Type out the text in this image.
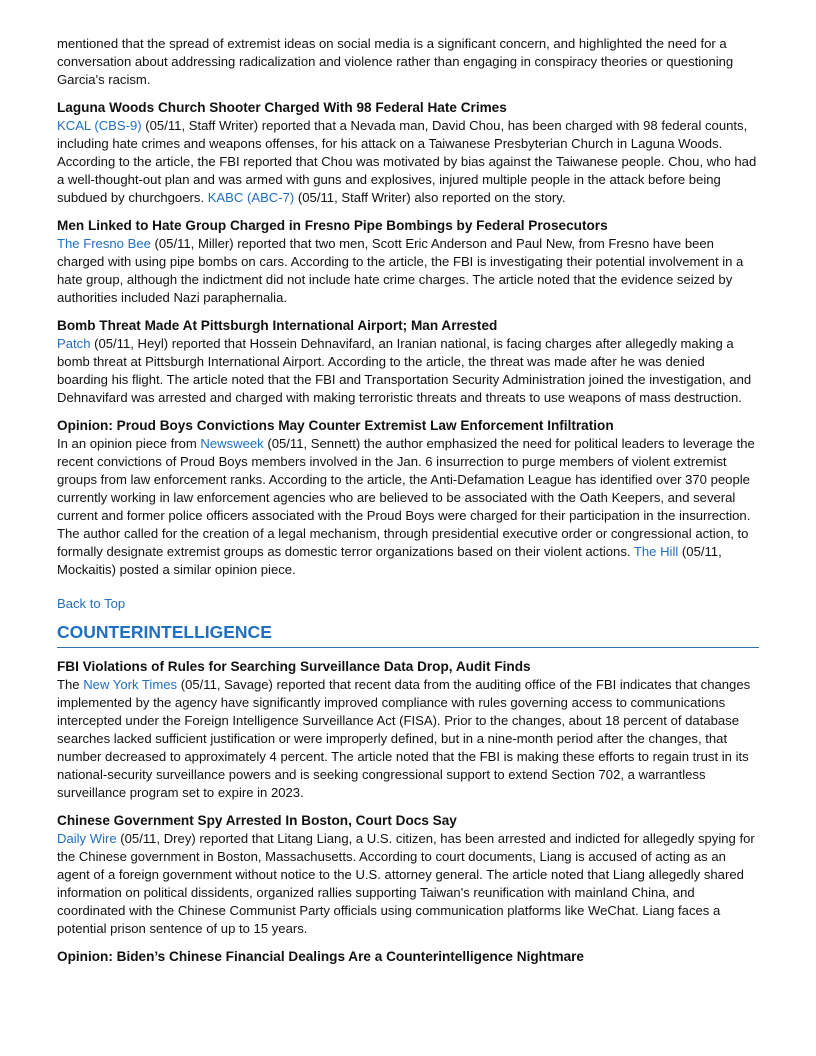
mentioned that the spread of extremist ideas on social media is a significant concern, and highlighted the need for a conversation about addressing radicalization and violence rather than engaging in conspiracy theories or questioning Garcia's racism.

Laguna Woods Church Shooter Charged With 98 Federal Hate Crimes

KCAL (CBS-9) (05/11, Staff Writer) reported that a Nevada man, David Chou, has been charged with 98 federal counts, including hate crimes and weapons offenses, for his attack on a Taiwanese Presbyterian Church in Laguna Woods. According to the article, the FBI reported that Chou was motivated by bias against the Taiwanese people. Chou, who had a well-thought-out plan and was armed with guns and explosives, injured multiple people in the attack before being subdued by churchgoers. KABC (ABC-7) (05/11, Staff Writer) also reported on the story.

Men Linked to Hate Group Charged in Fresno Pipe Bombings by Federal Prosecutors

The Fresno Bee (05/11, Miller) reported that two men, Scott Eric Anderson and Paul New, from Fresno have been charged with using pipe bombs on cars. According to the article, the FBI is investigating their potential involvement in a hate group, although the indictment did not include hate crime charges. The article noted that the evidence seized by authorities included Nazi paraphernalia.

Bomb Threat Made At Pittsburgh International Airport; Man Arrested

Patch (05/11, Heyl) reported that Hossein Dehnavifard, an Iranian national, is facing charges after allegedly making a bomb threat at Pittsburgh International Airport. According to the article, the threat was made after he was denied boarding his flight. The article noted that the FBI and Transportation Security Administration joined the investigation, and Dehnavifard was arrested and charged with making terroristic threats and threats to use weapons of mass destruction.

Opinion: Proud Boys Convictions May Counter Extremist Law Enforcement Infiltration

In an opinion piece from Newsweek (05/11, Sennett) the author emphasized the need for political leaders to leverage the recent convictions of Proud Boys members involved in the Jan. 6 insurrection to purge members of violent extremist groups from law enforcement ranks. According to the article, the Anti-Defamation League has identified over 370 people currently working in law enforcement agencies who are believed to be associated with the Oath Keepers, and several current and former police officers associated with the Proud Boys were charged for their participation in the insurrection. The author called for the creation of a legal mechanism, through presidential executive order or congressional action, to formally designate extremist groups as domestic terror organizations based on their violent actions. The Hill (05/11, Mockaitis) posted a similar opinion piece.

Back to Top
COUNTERINTELLIGENCE

FBI Violations of Rules for Searching Surveillance Data Drop, Audit Finds

The New York Times (05/11, Savage) reported that recent data from the auditing office of the FBI indicates that changes implemented by the agency have significantly improved compliance with rules governing access to communications intercepted under the Foreign Intelligence Surveillance Act (FISA). Prior to the changes, about 18 percent of database searches lacked sufficient justification or were improperly defined, but in a nine-month period after the changes, that number decreased to approximately 4 percent. The article noted that the FBI is making these efforts to regain trust in its national-security surveillance powers and is seeking congressional support to extend Section 702, a warrantless surveillance program set to expire in 2023.

Chinese Government Spy Arrested In Boston, Court Docs Say

Daily Wire (05/11, Drey) reported that Litang Liang, a U.S. citizen, has been arrested and indicted for allegedly spying for the Chinese government in Boston, Massachusetts. According to court documents, Liang is accused of acting as an agent of a foreign government without notice to the U.S. attorney general. The article noted that Liang allegedly shared information on political dissidents, organized rallies supporting Taiwan's reunification with mainland China, and coordinated with the Chinese Communist Party officials using communication platforms like WeChat. Liang faces a potential prison sentence of up to 15 years.

Opinion: Biden’s Chinese Financial Dealings Are a Counterintelligence Nightmare
